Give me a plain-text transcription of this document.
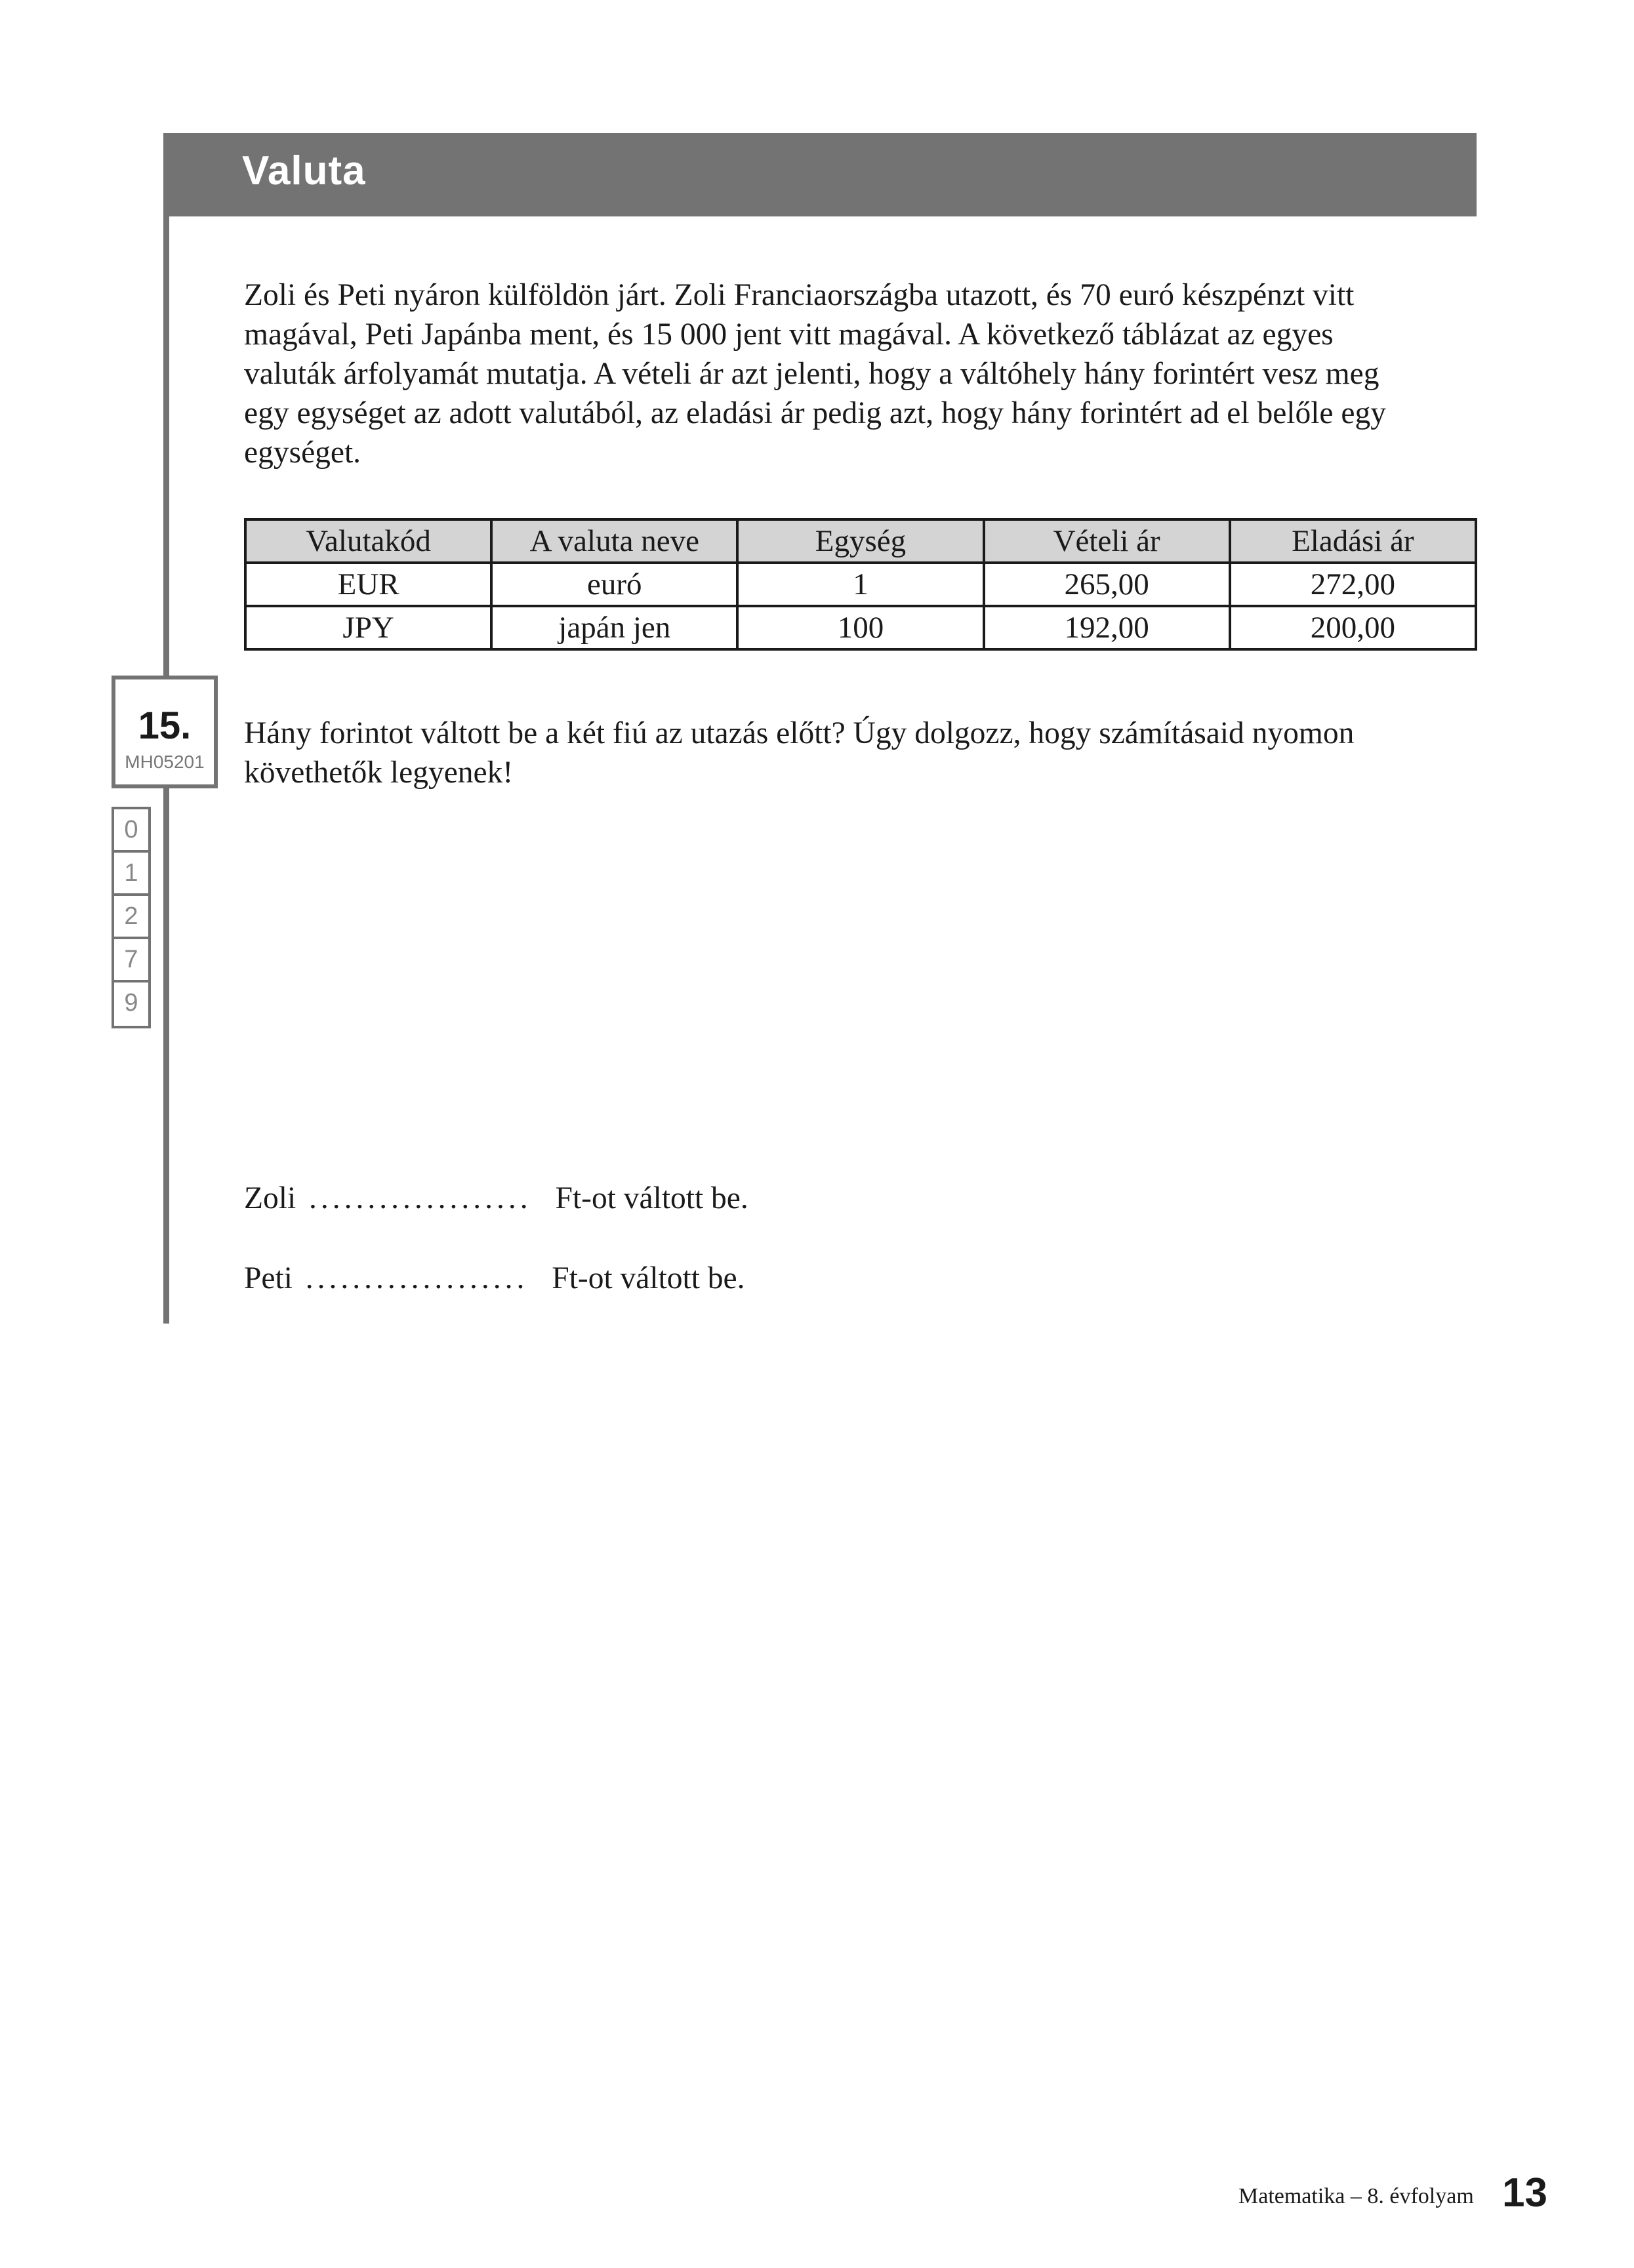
Valuta

Zoli és Peti nyáron külföldön járt. Zoli Franciaországba utazott, és 70 euró készpénzt vitt

magával, Peti Japánba ment, és 15 000 jent vitt magával. A következő táblázat az egyes

valuták árfolyamát mutatja. A vételi ár azt jelenti, hogy a váltóhely hány forintért vesz meg

egy egységet az adott valutából, az eladási ár pedig azt, hogy hány forintért ad el belőle egy

egységet.

Valutakód	A valuta neve	Egység	Vételi ár	Eladási ár
EUR	euró	1	265,00	272,00
JPY	japán jen	100	192,00	200,00
15.
MH05201
0
1
2
7
9

Hány forintot váltott be a két fiú az utazás előtt? Úgy dolgozz, hogy számításaid nyomon

követhetők legyenek!

Zoli ................... Ft-ot váltott be.
Peti ................... Ft-ot váltott be.
Matematika – 8. évfolyam 13
